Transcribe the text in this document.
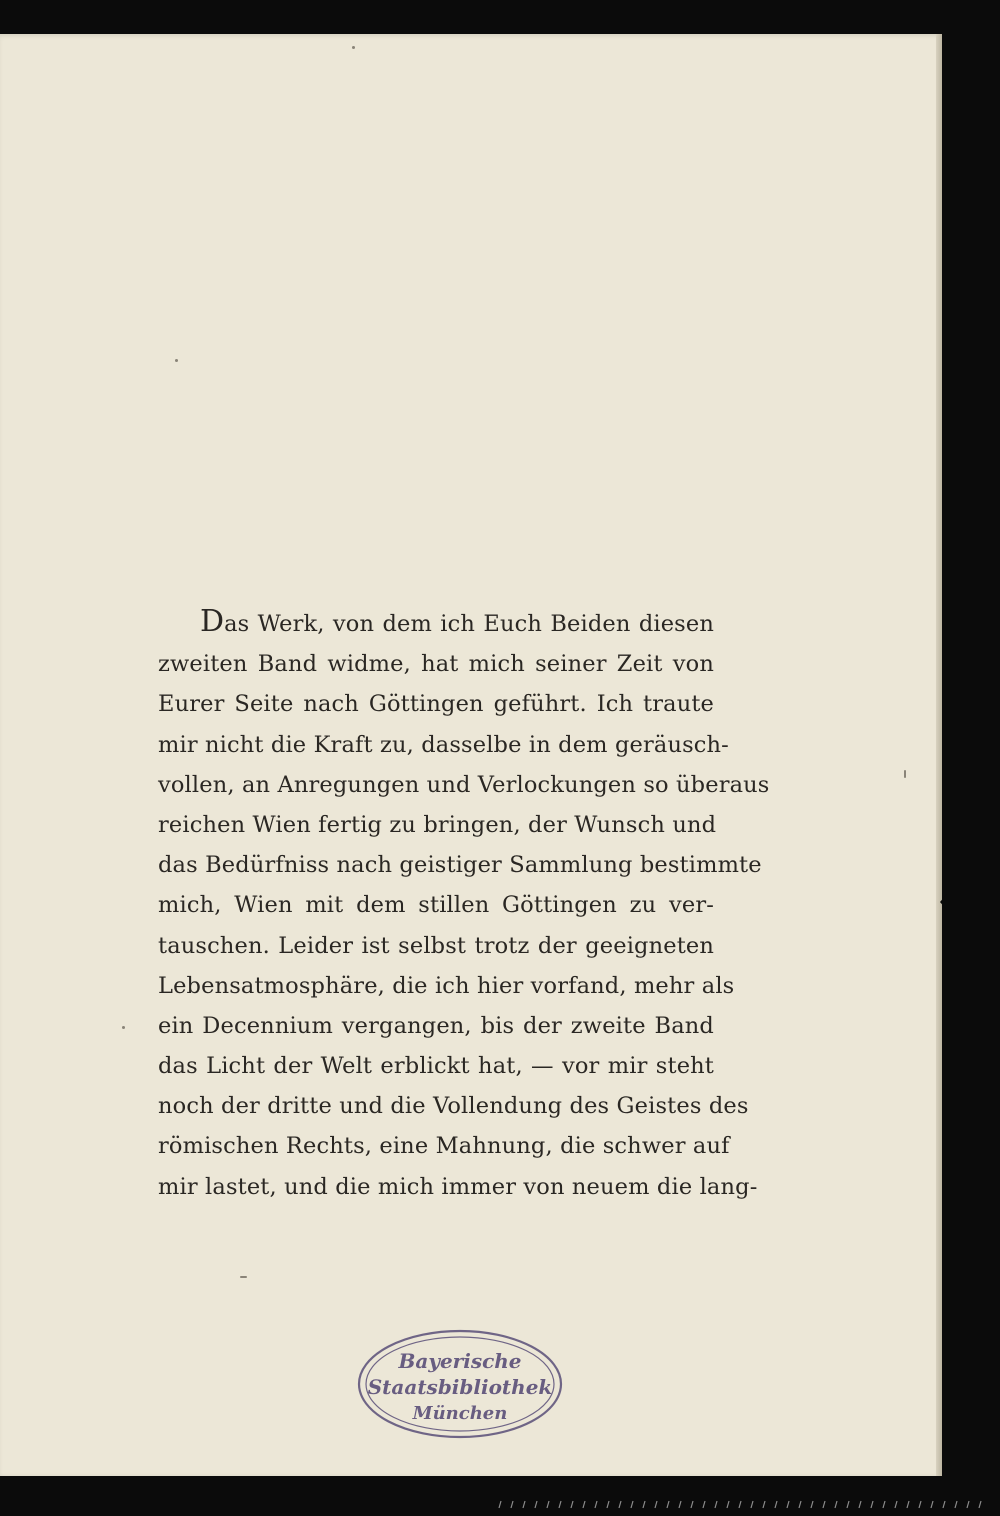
Das Werk, von dem ich Euch Beiden diesen
zweiten Band widme, hat mich seiner Zeit von
Eurer Seite nach Göttingen geführt. Ich traute
mir nicht die Kraft zu, dasselbe in dem geräusch-
vollen, an Anregungen und Verlockungen so überaus
reichen Wien fertig zu bringen, der Wunsch und
das Bedürfniss nach geistiger Sammlung bestimmte
mich, Wien mit dem stillen Göttingen zu ver-
tauschen. Leider ist selbst trotz der geeigneten
Lebensatmosphäre, die ich hier vorfand, mehr als
ein Decennium vergangen, bis der zweite Band
das Licht der Welt erblickt hat, — vor mir steht
noch der dritte und die Vollendung des Geistes des
römischen Rechts, eine Mahnung, die schwer auf
mir lastet, und die mich immer von neuem die lang-
Bayerische
Staatsbibliothek
München
